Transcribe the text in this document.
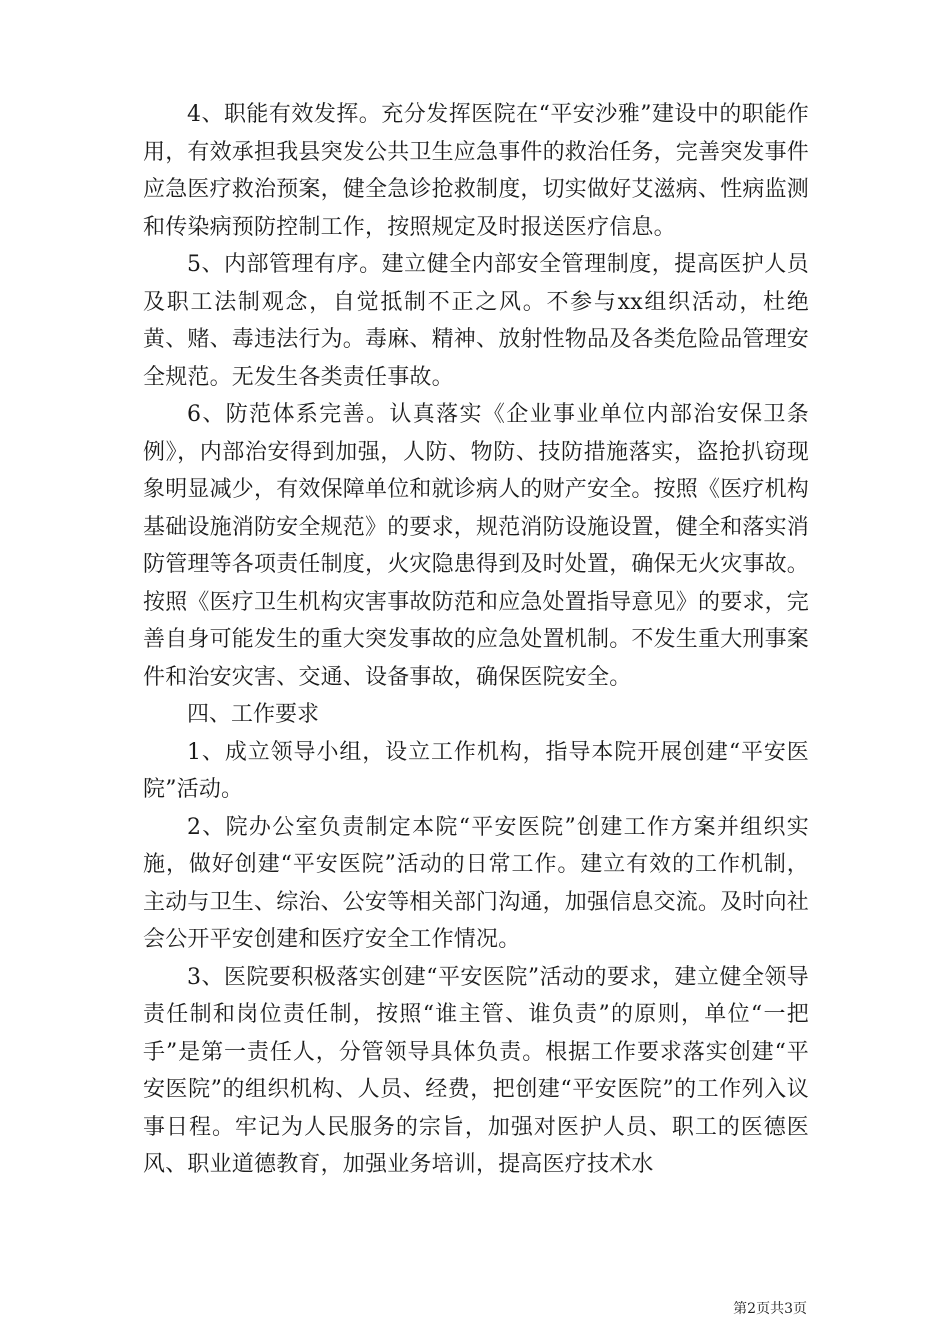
4、职能有效发挥。充分发挥医院在“平安沙雅”建设中的职能作用，有效承担我县突发公共卫生应急事件的救治任务，完善突发事件应急医疗救治预案，健全急诊抢救制度，切实做好艾滋病、性病监测和传染病预防控制工作，按照规定及时报送医疗信息。

5、内部管理有序。建立健全内部安全管理制度，提高医护人员及职工法制观念，自觉抵制不正之风。不参与xx组织活动，杜绝黄、赌、毒违法行为。毒麻、精神、放射性物品及各类危险品管理安全规范。无发生各类责任事故。

6、防范体系完善。认真落实《企业事业单位内部治安保卫条例》，内部治安得到加强，人防、物防、技防措施落实，盗抢扒窃现象明显减少，有效保障单位和就诊病人的财产安全。按照《医疗机构基础设施消防安全规范》的要求，规范消防设施设置，健全和落实消防管理等各项责任制度，火灾隐患得到及时处置，确保无火灾事故。按照《医疗卫生机构灾害事故防范和应急处置指导意见》的要求，完善自身可能发生的重大突发事故的应急处置机制。不发生重大刑事案件和治安灾害、交通、设备事故，确保医院安全。

四、工作要求

1、成立领导小组，设立工作机构，指导本院开展创建“平安医院”活动。

2、院办公室负责制定本院“平安医院”创建工作方案并组织实施，做好创建“平安医院”活动的日常工作。建立有效的工作机制，主动与卫生、综治、公安等相关部门沟通，加强信息交流。及时向社会公开平安创建和医疗安全工作情况。

3、医院要积极落实创建“平安医院”活动的要求，建立健全领导责任制和岗位责任制，按照“谁主管、谁负责”的原则，单位“一把手”是第一责任人，分管领导具体负责。根据工作要求落实创建“平安医院”的组织机构、人员、经费，把创建“平安医院”的工作列入议事日程。牢记为人民服务的宗旨，加强对医护人员、职工的医德医风、职业道德教育，加强业务培训，提高医疗技术水

第2页共3页
